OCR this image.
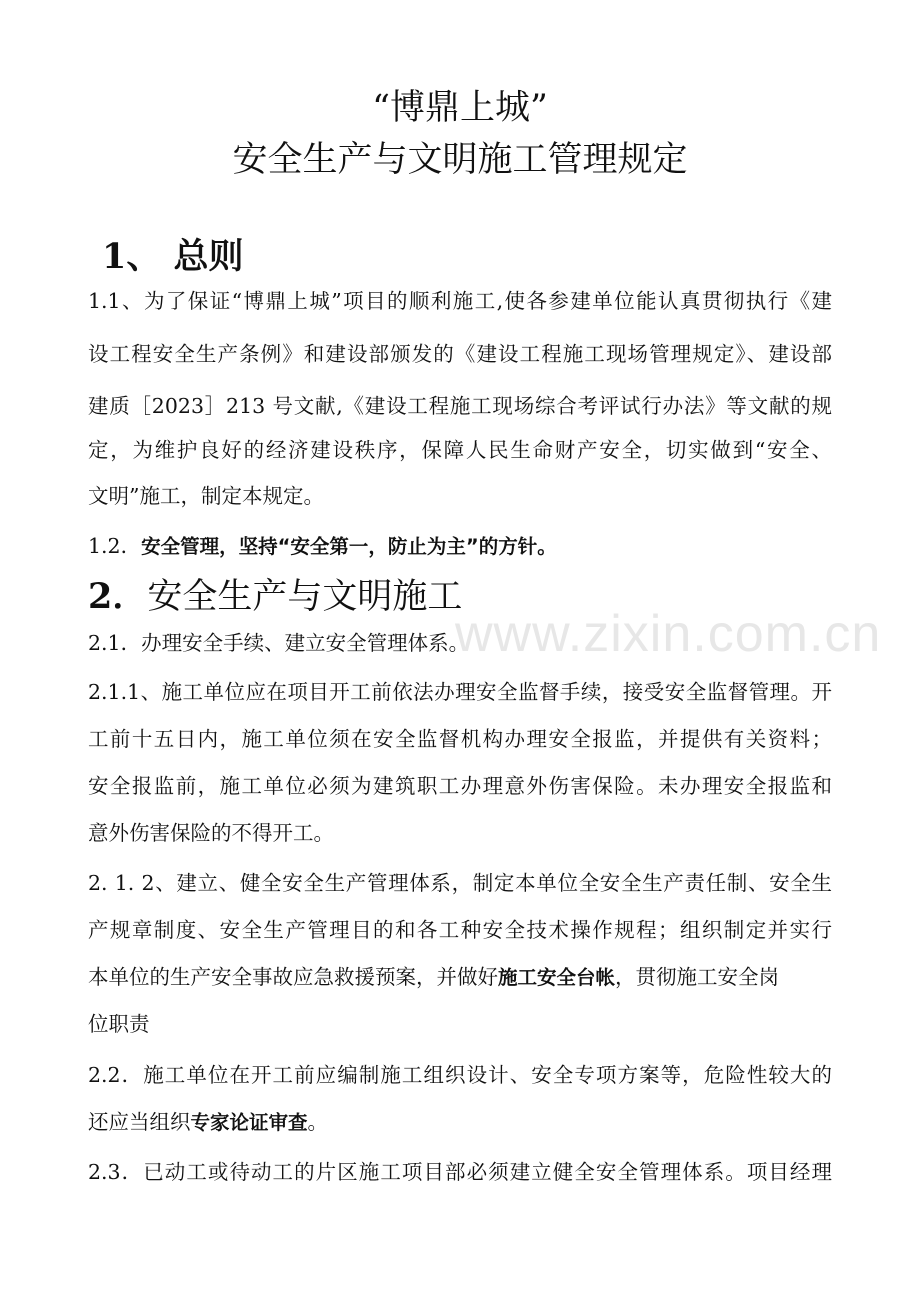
www.zixin.com.cn
“博鼎上城”
安全生产与文明施工管理规定
1、 总则
1.1、为了保证“博鼎上城”项目的顺利施工,使各参建单位能认真贯彻执行《建
设工程安全生产条例》和建设部颁发的《建设工程施工现场管理规定》、建设部
建质［2023］213 号文献,《建设工程施工现场综合考评试行办法》等文献的规
定，为维护良好的经济建设秩序，保障人民生命财产安全，切实做到“安全、
文明”施工，制定本规定。
1.2．安全管理，坚持“安全第一，防止为主”的方针。
2．安全生产与文明施工
2.1．办理安全手续、建立安全管理体系。
2.1.1、施工单位应在项目开工前依法办理安全监督手续，接受安全监督管理。开
工前十五日内，施工单位须在安全监督机构办理安全报监，并提供有关资料；
安全报监前，施工单位必须为建筑职工办理意外伤害保险。未办理安全报监和
意外伤害保险的不得开工。
2. 1. 2、建立、健全安全生产管理体系，制定本单位全安全生产责任制、安全生
产规章制度、安全生产管理目的和各工种安全技术操作规程；组织制定并实行
本单位的生产安全事故应急救援预案，并做好施工安全台帐，贯彻施工安全岗
位职责
2.2．施工单位在开工前应编制施工组织设计、安全专项方案等，危险性较大的
还应当组织专家论证审查。
2.3．已动工或待动工的片区施工项目部必须建立健全安全管理体系。项目经理
